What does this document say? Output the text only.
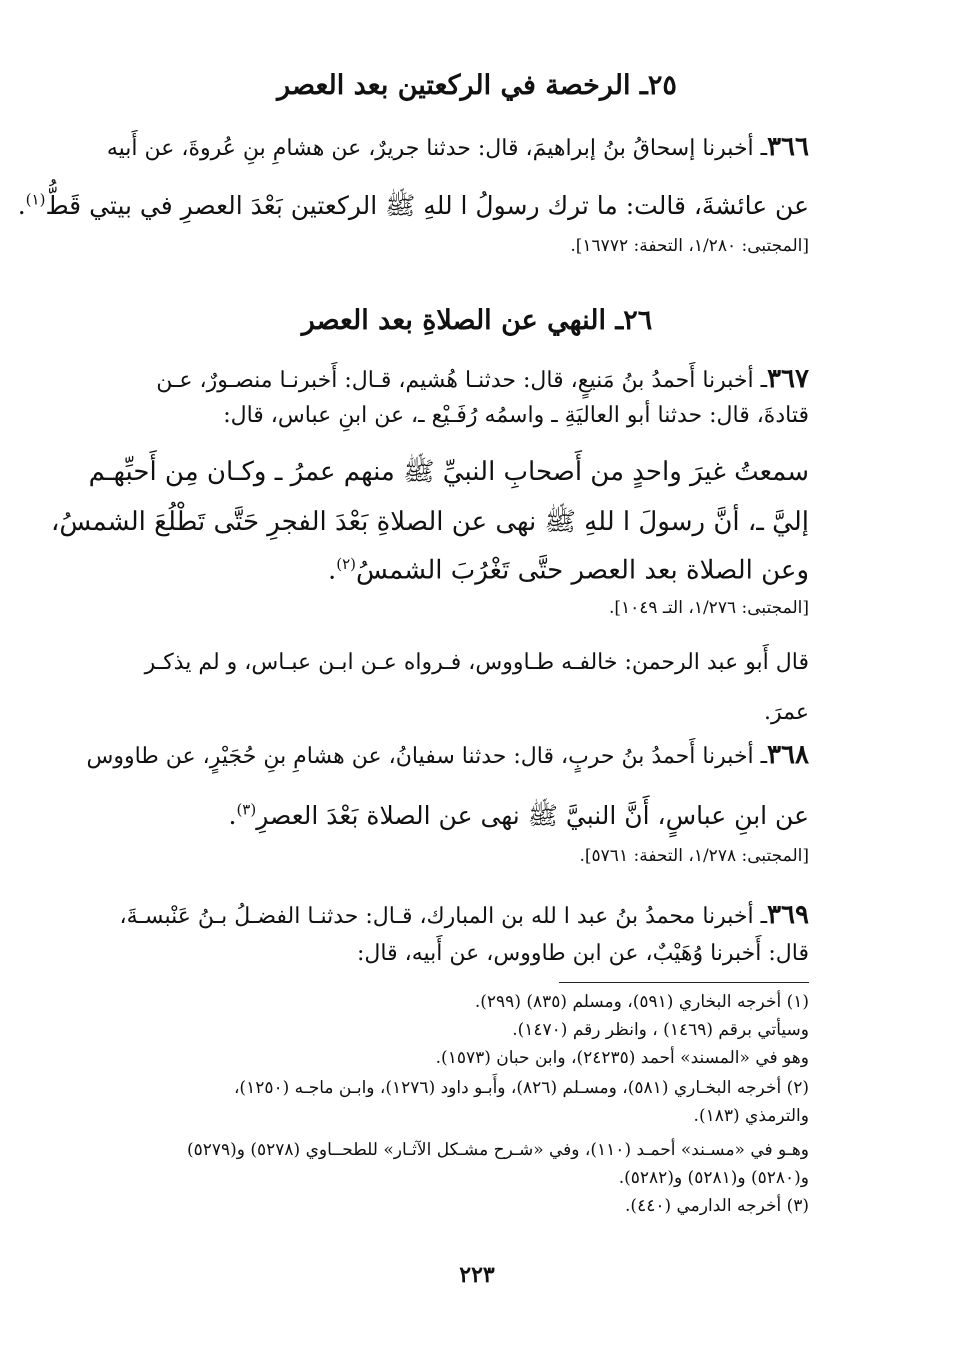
٢٥ـ الرخصة في الركعتين بعد العصر
٣٦٦ـ أخبرنا إسحاقُ بنُ إبراهيمَ، قال: حدثنا جريرٌ، عن هشامِ بنِ عُروةَ، عن أَبيه
عن عائشةَ، قالت: ما ترك رسولُ ا للهِ ﷺ الركعتين بَعْدَ العصرِ في بيتي قَطُّ$^{(١)}$.
[المجتبى: ١/٢٨٠، التحفة: ١٦٧٧٢].
٢٦ـ النهي عن الصلاةِ بعد العصر
٣٦٧ـ أخبرنا أَحمدُ بنُ مَنيعٍ، قال: حدثنـا هُشيم، قـال: أَخبرنـا منصـورٌ، عـن
قتادةَ، قال: حدثنا أبو العاليَةِ ـ واسمُه رُفَـيْع ـ، عن ابنِ عباس، قال:
سمعتُ غيرَ واحدٍ من أَصحابِ النبيِّ ﷺ منهم عمرُ ـ وكـان مِن أَحبِّهـم
إليَّ ـ، أنَّ رسولَ ا للهِ ﷺ نهى عن الصلاةِ بَعْدَ الفجرِ حَتَّى تَطْلُعَ الشمسُ،
وعن الصلاة بعد العصر حتَّى تَغْرُبَ الشمسُ$^{(٢)}$.
[المجتبى: ١/٢٧٦، التـ ١٠٤٩].
قال أَبو عبد الرحمن: خالفـه طـاووس، فـرواه عـن ابـن عبـاس، و لم يذكـر
عمرَ.
٣٦٨ـ أخبرنا أَحمدُ بنُ حربٍ، قال: حدثنا سفيانُ، عن هشامِ بنِ حُجَيْرٍ، عن طاووس
عن ابنِ عباسٍ، أَنَّ النبيَّ ﷺ نهى عن الصلاة بَعْدَ العصرِ$^{(٣)}$.
[المجتبى: ١/٢٧٨، التحفة: ٥٧٦١].
٣٦٩ـ أخبرنا محمدُ بنُ عبد ا لله بن المبارك، قـال: حدثنـا الفضـلُ بـنُ عَنْبسـةَ،
قال: أَخبرنا وُهَيْبٌ، عن ابن طاووس، عن أَبيه، قال:
(١) أخرجه البخاري (٥٩١)، ومسلم (٨٣٥) (٢٩٩).
وسيأتي برقم (١٤٦٩) ، وانظر رقم (١٤٧٠).
وهو في «المسند» أحمد (٢٤٢٣٥)، وابن حبان (١٥٧٣).
(٢) أخرجه البخـاري (٥٨١)، ومسـلم (٨٢٦)، وأَبـو داود (١٢٧٦)، وابـن ماجـه (١٢٥٠)،
والترمذي (١٨٣).
وهـو في «مسـند» أحمـد (١١٠)، وفي «شـرح مشـكل الآثـار» للطحــاوي (٥٢٧٨) و(٥٢٧٩)
و(٥٢٨٠) و(٥٢٨١) و(٥٢٨٢).
(٣) أخرجه الدارمي (٤٤٠).
٢٢٣
